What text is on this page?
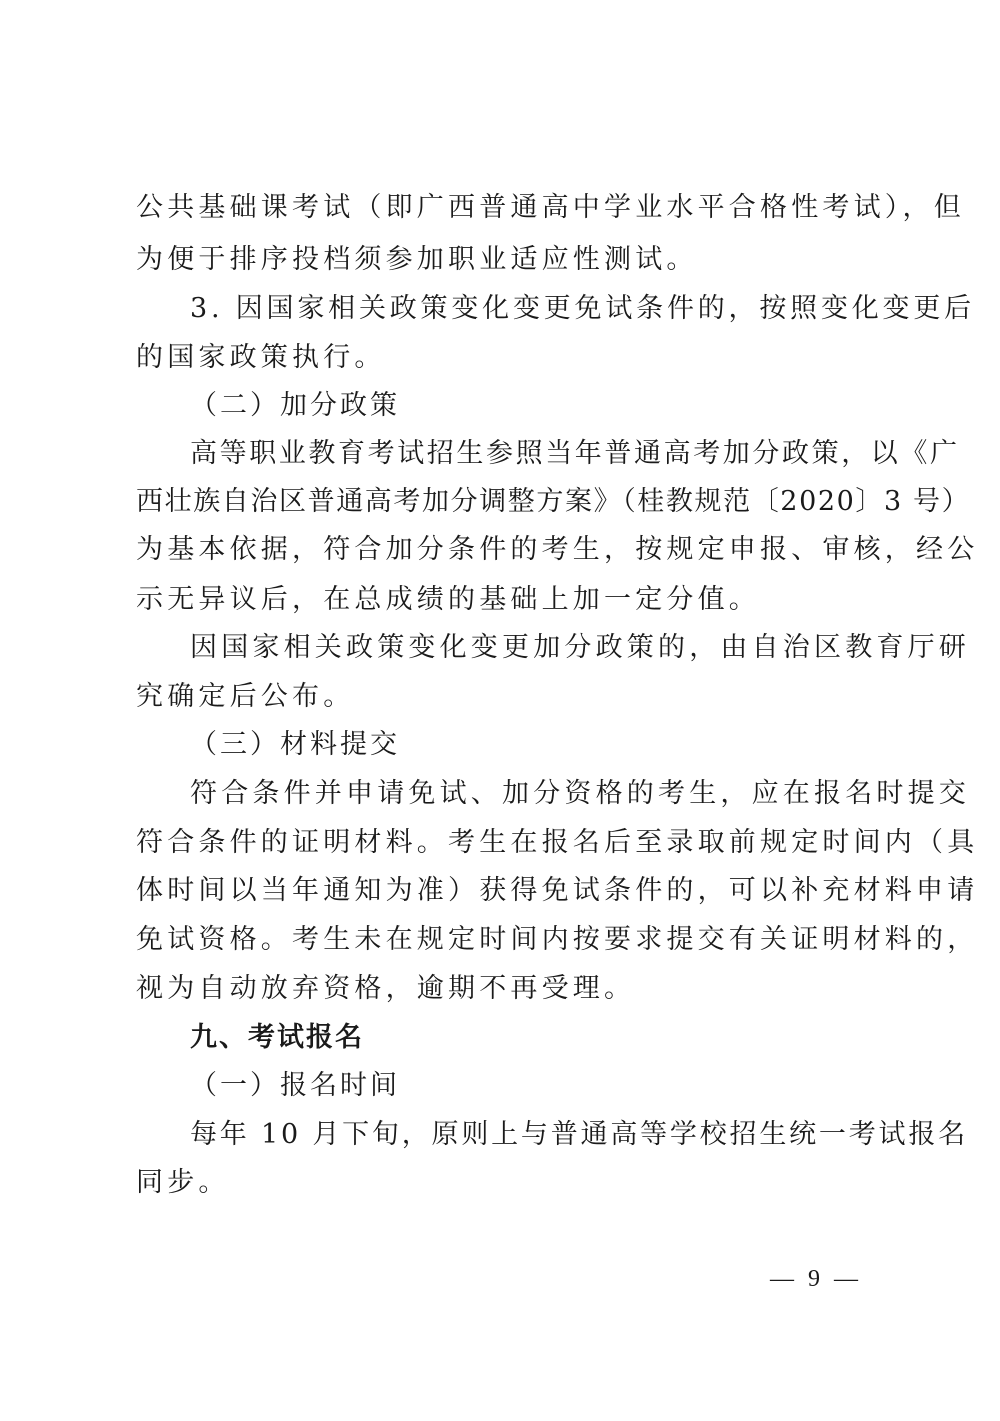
公共基础课考试（即广西普通高中学业水平合格性考试），但
为便于排序投档须参加职业适应性测试。
3. 因国家相关政策变化变更免试条件的，按照变化变更后
的国家政策执行。
（二）加分政策
高等职业教育考试招生参照当年普通高考加分政策，以《广
西壮族自治区普通高考加分调整方案》（桂教规范〔2020〕3 号）
为基本依据，符合加分条件的考生，按规定申报、审核，经公
示无异议后，在总成绩的基础上加一定分值。
因国家相关政策变化变更加分政策的，由自治区教育厅研
究确定后公布。
（三）材料提交
符合条件并申请免试、加分资格的考生，应在报名时提交
符合条件的证明材料。考生在报名后至录取前规定时间内（具
体时间以当年通知为准）获得免试条件的，可以补充材料申请
免试资格。考生未在规定时间内按要求提交有关证明材料的，
视为自动放弃资格，逾期不再受理。
九、考试报名
（一）报名时间
每年 10 月下旬，原则上与普通高等学校招生统一考试报名
同步。
— 9 —
